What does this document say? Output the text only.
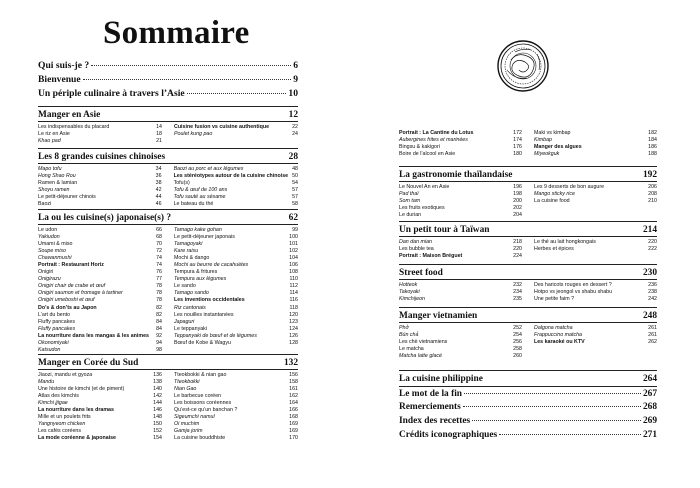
Sommaire
Qui suis-je ?	6
Bienvenue	9
Un périple culinaire à travers l’Asie	10
Manger en Asie	12
Les indispensables du placard	14
Le riz en Asie	18
Khao pad	21
Cuisine fusion vs cuisine authentique	22
Poulet kung pao	24
Les 8 grandes cuisines chinoises	28
Mapo tofu	34
Hong Shao Rou	36
Ramen & lamian	38
Shoyu ramen	42
Le petit-déjeuner chinois	44
Baozi	46
Baozi au porc et aux légumes	48
Les stéréotypes autour de la cuisine chinoise 50
Tofu(s)	54
Tofu & œuf de 100 ans	57
Tofu sauté au sésame	57
Le bateau du thé	58
La ou les cuisine(s) japonaise(s) ?	62
Le udon	66
Yakiudon	68
Umami & miso	70
Soupe miso	72
Chawanmushi	74
Portrait : Restaurant Horiz	74
Onigiri	76
Onigirazu	77
Onigiri chair de crabe et œuf	78
Onigiri saumon et fromage à tartiner	78
Onigiri umeboshi et œuf	78
Do’s & don’ts au Japon	82
L’art du bento	82
Fluffy pancakes	84
Fluffy pancakes	84
La nourriture dans les mangas & les animes 92
Okonomiyaki	94
Katsudon	98
Tamago kake gohan	99
Le petit-déjeuner japonais	100
Tamagoyaki	101
Kare raisu	102
Mochi & dango	104
Mochi au beurre de cacahuètes	106
Tempura & fritures	108
Tempura aux légumes	110
Le sando	112
Tamago sando	114
Les inventions occidentales	116
Riz cantonais	118
Les nouilles instantanées	120
Japaguri	123
Le teppanyaki	124
Teppanyaki de bœuf et de légumes	126
Bœuf de Kobe & Wagyu	128
Manger en Corée du Sud	132
Jiaozi, mandu et gyoza	136
Mandu	138
Une histoire de kimchi (et de piment)	140
Atlas des kimchis	142
Kimchi jjigae	144
La nourriture dans les dramas	146
Mille et un poulets frits	148
Yangnyeom chicken	150
Les cafés coréens	152
La mode coréenne & japonaise	154
Tteokbokki & nian gao	156
Tteokbokki	158
Nian Gao	161
Le barbecue coréen	162
Les boissons coréennes	164
Qu’est-ce qu’un banchan ?	166
Sigeumchi namul	168
Oi muchim	169
Gamja jorim	169
La cuisine bouddhiste	170
Portrait : La Cantine du Lotus	172
Aubergines frites et marinées	174
Bingsu & kakigori	176
Boire de l’alcool en Asie	180
Maki vs kimbap	182
Kimbap	184
Manger des algues	186
Miyeokguk	188
La gastronomie thaïlandaise	192
Le Nouvel An en Asie	196
Pad thaï	198
Som tam	200
Les fruits exotiques	202
Le durian	204
Les 9 desserts de bon augure	206
Mango sticky rice	208
La cuisine food	210
Un petit tour à Taïwan	214
Dan dan mian	218
Les bubble tea	220
Portrait : Maison Bréguet	224
Le thé au lait hongkongais	220
Herbes et épices	222
Street food	230
Hotteok	232
Takoyaki	234
Kimchijeon	235
Des haricots rouges en dessert ?	236
Hotpo vs jeongol vs shabu shabu	238
Une petite faim ?	242
Manger vietnamien	248
Phở	252
Bún chả	254
Les chè vietnamiens	256
Le matcha	258
Matcha latte glacé	260
Dalgona matcha	261
Frappuccino matcha	261
Les karaoké ou KTV	262
La cuisine philippine	264
Le mot de la fin	267
Remerciements	268
Index des recettes	269
Crédits iconographiques	271
